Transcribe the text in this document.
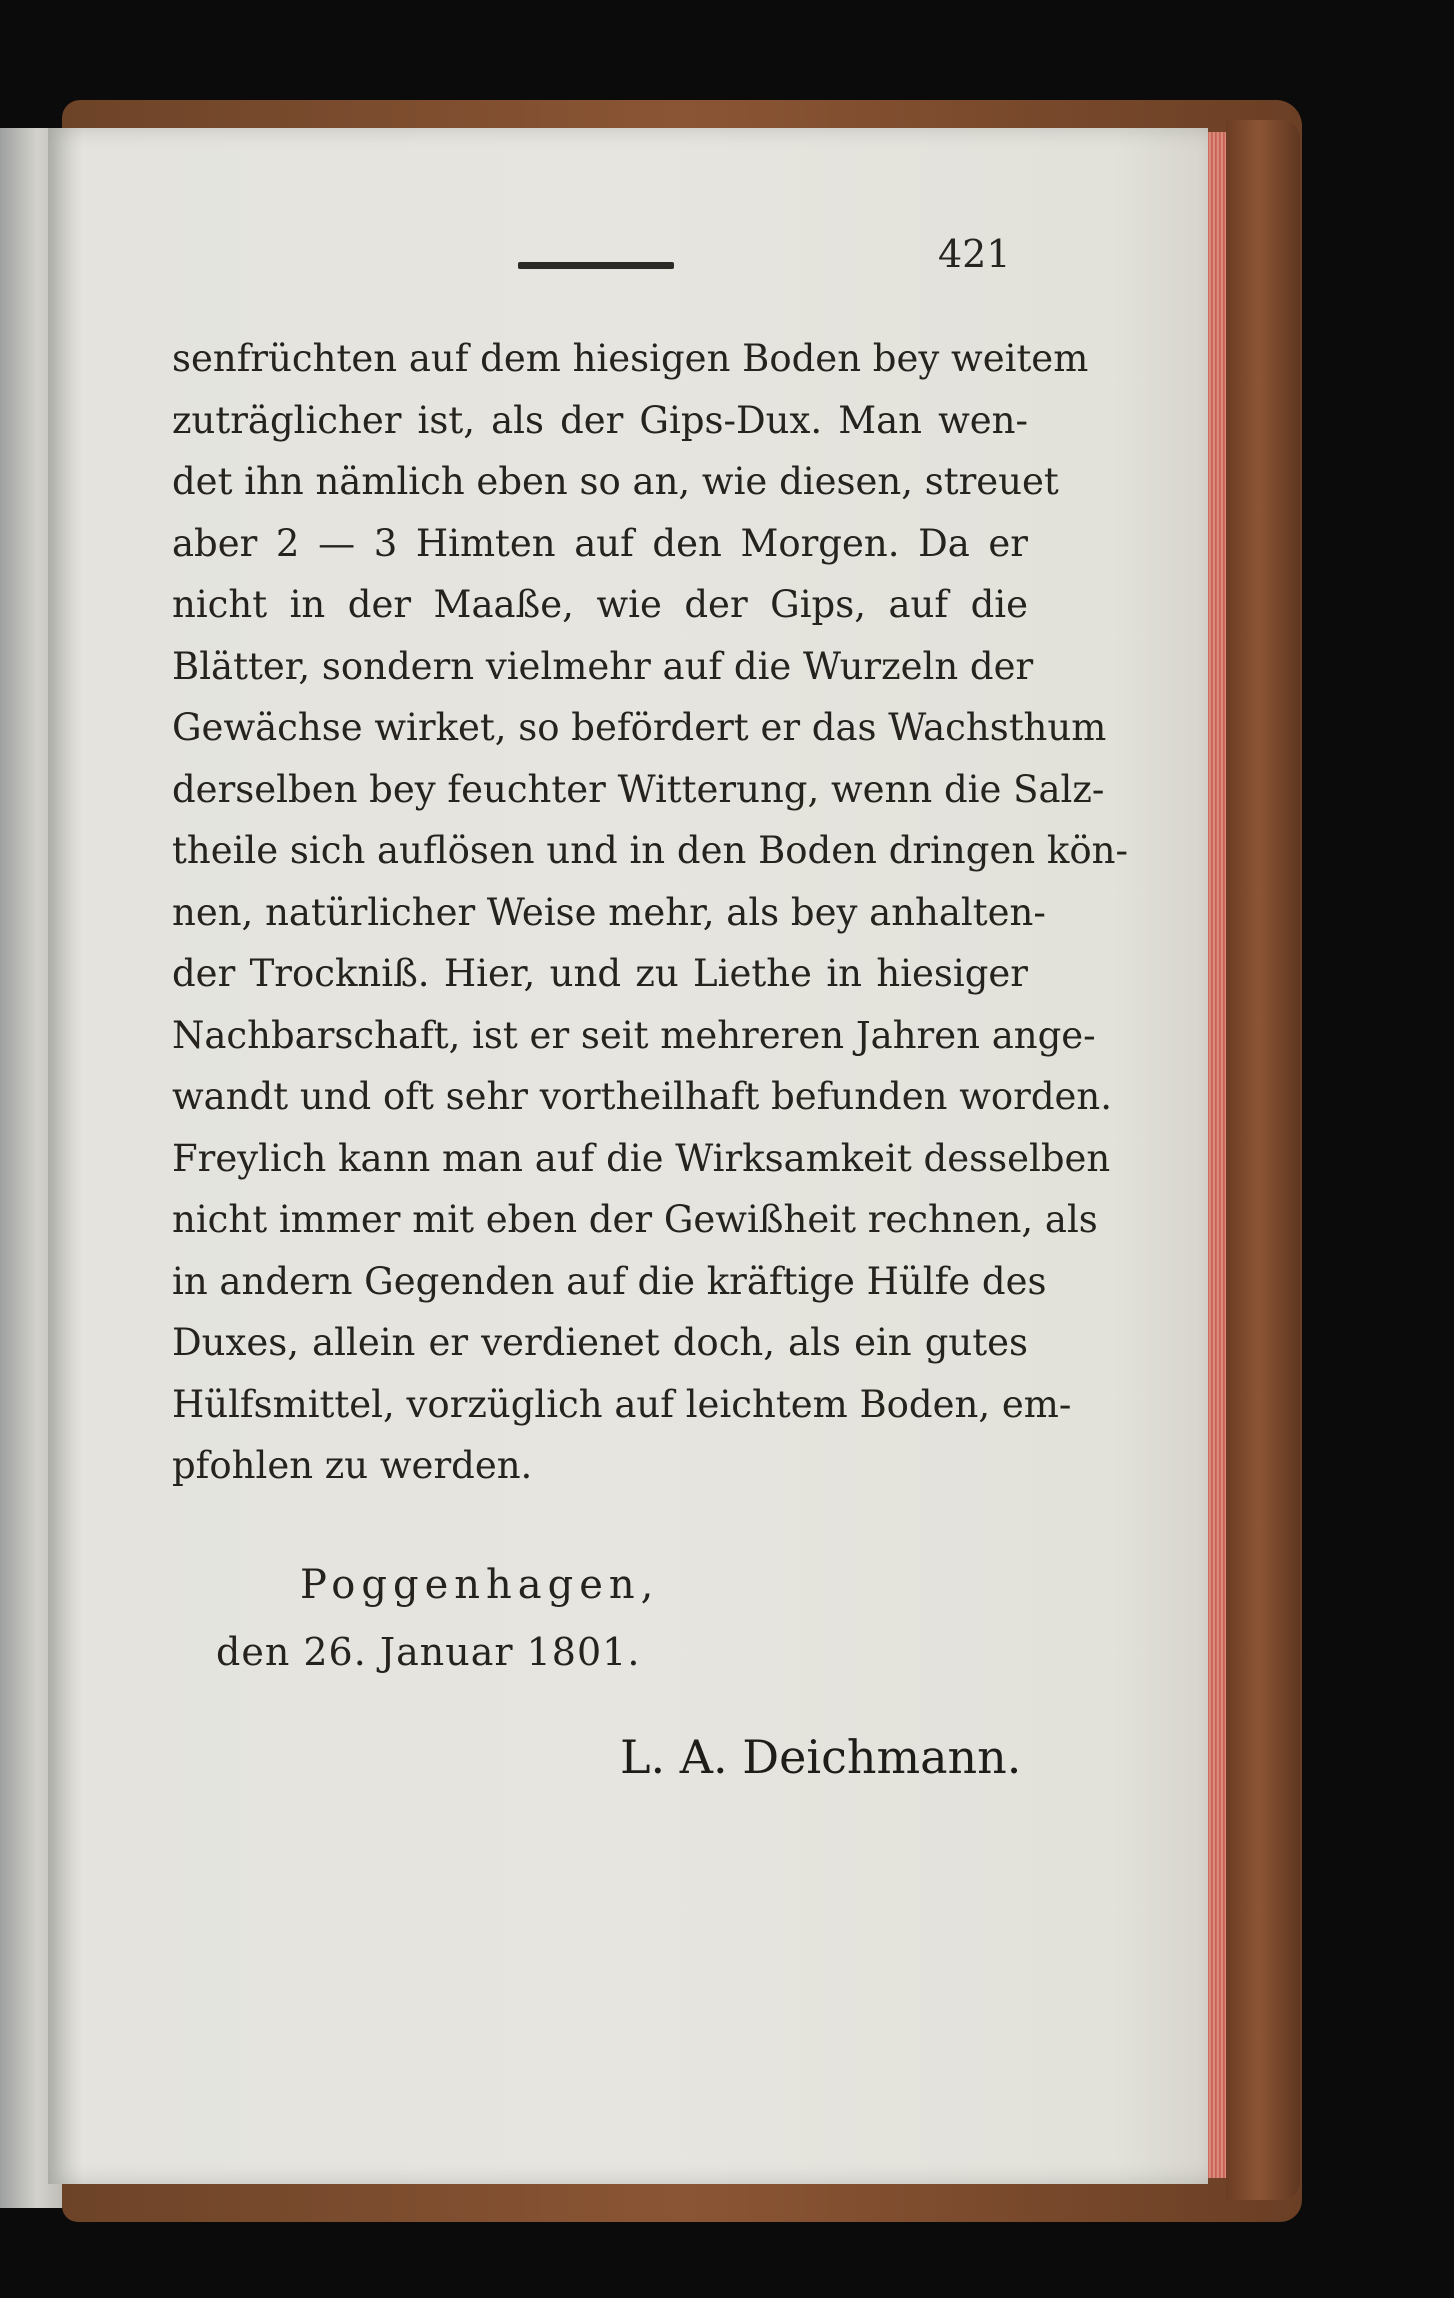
421
senfrüchten auf dem hiesigen Boden bey weitem
zuträglicher ist, als der Gips-Dux. Man wen-
det ihn nämlich eben so an, wie diesen, streuet
aber 2 — 3 Himten auf den Morgen. Da er
nicht in der Maaße, wie der Gips, auf die
Blätter, sondern vielmehr auf die Wurzeln der
Gewächse wirket, so befördert er das Wachsthum
derselben bey feuchter Witterung, wenn die Salz-
theile sich auflösen und in den Boden dringen kön-
nen, natürlicher Weise mehr, als bey anhalten-
der Trockniß. Hier, und zu Liethe in hiesiger
Nachbarschaft, ist er seit mehreren Jahren ange-
wandt und oft sehr vortheilhaft befunden worden.
Freylich kann man auf die Wirksamkeit desselben
nicht immer mit eben der Gewißheit rechnen, als
in andern Gegenden auf die kräftige Hülfe des
Duxes, allein er verdienet doch, als ein gutes
Hülfsmittel, vorzüglich auf leichtem Boden, em-
pfohlen zu werden.
Poggenhagen,
den 26. Januar 1801.
L. A. Deichmann.
